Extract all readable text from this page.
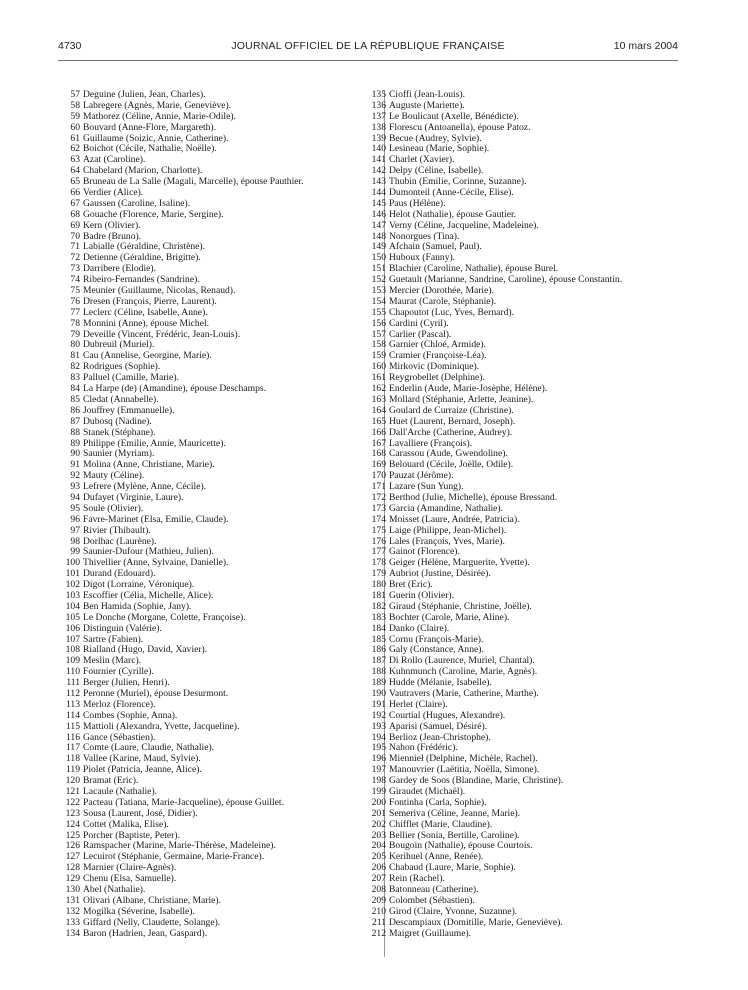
4730	JOURNAL OFFICIEL DE LA RÉPUBLIQUE FRANÇAISE	10 mars 2004
57 Deguine (Julien, Jean, Charles).
58 Labregere (Agnès, Marie, Geneviève).
59 Mathorez (Céline, Annie, Marie-Odile).
60 Bouvard (Anne-Flore, Margareth).
61 Guillaume (Soizic, Annie, Catherine).
62 Boichot (Cécile, Nathalie, Noëlle).
63 Azat (Caroline).
64 Chabelard (Marion, Charlotte).
65 Bruneau de La Salle (Magali, Marcelle), épouse Pauthier.
66 Verdier (Alice).
67 Gaussen (Caroline, Isaline).
68 Gouache (Florence, Marie, Sergine).
69 Kern (Olivier).
70 Badre (Bruno).
71 Labialle (Géraldine, Christène).
72 Detienne (Géraldine, Brigitte).
73 Darribere (Elodie).
74 Ribeiro-Fernandes (Sandrine).
75 Meunier (Guillaume, Nicolas, Renaud).
76 Dresen (François, Pierre, Laurent).
77 Leclerc (Céline, Isabelle, Anne).
78 Monnini (Anne), épouse Michel.
79 Deveille (Vincent, Frédéric, Jean-Louis).
80 Dubreuil (Muriel).
81 Cau (Annelise, Georgine, Marie).
82 Rodrigues (Sophie).
83 Palluel (Camille, Marie).
84 La Harpe (de) (Amandine), épouse Deschamps.
85 Cledat (Annabelle).
86 Jouffrey (Emmanuelle).
87 Dubosq (Nadine).
88 Stanek (Stéphane).
89 Philippe (Emilie, Annie, Mauricette).
90 Saunier (Myriam).
91 Molina (Anne, Christiane, Marie).
92 Mauty (Céline).
93 Lefrere (Mylène, Anne, Cécile).
94 Dufayet (Virginie, Laure).
95 Soule (Olivier).
96 Favre-Marinet (Elsa, Emilie, Claude).
97 Rivier (Thibault).
98 Dorlhac (Laurène).
99 Saunier-Dufour (Mathieu, Julien).
100 Thivellier (Anne, Sylvaine, Danielle).
101 Durand (Edouard).
102 Digot (Lorraine, Véronique).
103 Escoffier (Célia, Michelle, Alice).
104 Ben Hamida (Sophie, Jany).
105 Le Donche (Morgane, Colette, Françoise).
106 Distinguin (Valérie).
107 Sartre (Fabien).
108 Rialland (Hugo, David, Xavier).
109 Meslin (Marc).
110 Fournier (Cyrille).
111 Berger (Julien, Henri).
112 Peronne (Muriel), épouse Desurmont.
113 Merloz (Florence).
114 Combes (Sophie, Anna).
115 Mattioli (Alexandra, Yvette, Jacqueline).
116 Gance (Sébastien).
117 Comte (Laure, Claudie, Nathalie).
118 Vallee (Karine, Maud, Sylvie).
119 Piolet (Patricia, Jeanne, Alice).
120 Bramat (Eric).
121 Lacaule (Nathalie).
122 Pacteau (Tatiana, Marie-Jacqueline), épouse Guillet.
123 Sousa (Laurent, José, Didier).
124 Cottet (Malika, Elise).
125 Porcher (Baptiste, Peter).
126 Ramspacher (Marine, Marie-Thérèse, Madeleine).
127 Lecuirot (Stéphanie, Germaine, Marie-France).
128 Marnier (Claire-Agnès).
129 Chenu (Elsa, Samuelle).
130 Abel (Nathalie).
131 Olivari (Albane, Christiane, Marie).
132 Mogilka (Séverine, Isabelle).
133 Giffard (Nelly, Claudette, Solange).
134 Baron (Hadrien, Jean, Gaspard).
135 Cioffi (Jean-Louis).
136 Auguste (Mariette).
137 Le Boulicaut (Axelle, Bénédicte).
138 Florescu (Antoanella), épouse Patoz.
139 Becue (Audrey, Sylvie).
140 Lesineau (Marie, Sophie).
141 Charlet (Xavier).
142 Delpy (Céline, Isabelle).
143 Thubin (Emilie, Corinne, Suzanne).
144 Dumonteil (Anne-Cécile, Elise).
145 Paus (Hélène).
146 Helot (Nathalie), épouse Gautier.
147 Verny (Céline, Jacqueline, Madeleine).
148 Nonorgues (Tina).
149 Afchain (Samuel, Paul).
150 Huboux (Fanny).
151 Blachier (Caroline, Nathalie), épouse Burel.
152 Guetault (Marianne, Sandrine, Caroline), épouse Constantin.
153 Mercier (Dorothée, Marie).
154 Maurat (Carole, Stéphanie).
155 Chapoutot (Luc, Yves, Bernard).
156 Cardini (Cyril).
157 Carlier (Pascal).
158 Garnier (Chloé, Armide).
159 Cramier (Françoise-Léa).
160 Mirkovic (Dominique).
161 Reygrobellet (Delphine).
162 Enderlin (Aude, Marie-Josèphe, Hélène).
163 Mollard (Stéphanie, Arlette, Jeanine).
164 Goulard de Curraize (Christine).
165 Huet (Laurent, Bernard, Joseph).
166 Dall'Arche (Catherine, Audrey).
167 Lavalliere (François).
168 Carassou (Aude, Gwendoline).
169 Belouard (Cécile, Joëlle, Odile).
170 Pauzat (Jérôme).
171 Lazare (Sun Yung).
172 Berthod (Julie, Michelle), épouse Bressand.
173 Garcia (Amandine, Nathalie).
174 Moisset (Laure, Andrée, Patricia).
175 Laige (Philippe, Jean-Michel).
176 Lales (François, Yves, Marie).
177 Gainot (Florence).
178 Geiger (Hélène, Marguerite, Yvette).
179 Aubriot (Justine, Désirée).
180 Bret (Eric).
181 Guerin (Olivier).
182 Giraud (Stéphanie, Christine, Joëlle).
183 Bochter (Carole, Marie, Aline).
184 Danko (Claire).
185 Cornu (François-Marie).
186 Galy (Constance, Anne).
187 Di Rollo (Laurence, Muriel, Chantal).
188 Kuhnmunch (Caroline, Marie, Agnès).
189 Hudde (Mélanie, Isabelle).
190 Vautravers (Marie, Catherine, Marthe).
191 Herlet (Claire).
192 Courtial (Hugues, Alexandre).
193 Aparisi (Samuel, Désiré).
194 Berlioz (Jean-Christophe).
195 Nahon (Frédéric).
196 Miennieł (Delphine, Michèle, Rachel).
197 Manouvrier (Laëtitia, Noëlla, Simone).
198 Gardey de Soos (Blandine, Marie, Christine).
199 Giraudet (Michaël).
200 Fontinha (Carla, Sophie).
201 Semeriva (Céline, Jeanne, Marie).
202 Chifflet (Marie, Claudine).
203 Bellier (Sonia, Bertille, Caroline).
204 Bougoin (Nathalie), épouse Courtois.
205 Kerihuel (Anne, Renée).
206 Chabaud (Laure, Marie, Sophie).
207 Rein (Rachel).
208 Batonneau (Catherine).
209 Colombet (Sébastien).
210 Girod (Claire, Yvonne, Suzanne).
211 Descampiaux (Domitille, Marie, Geneviève).
212 Maigret (Guillaume).
